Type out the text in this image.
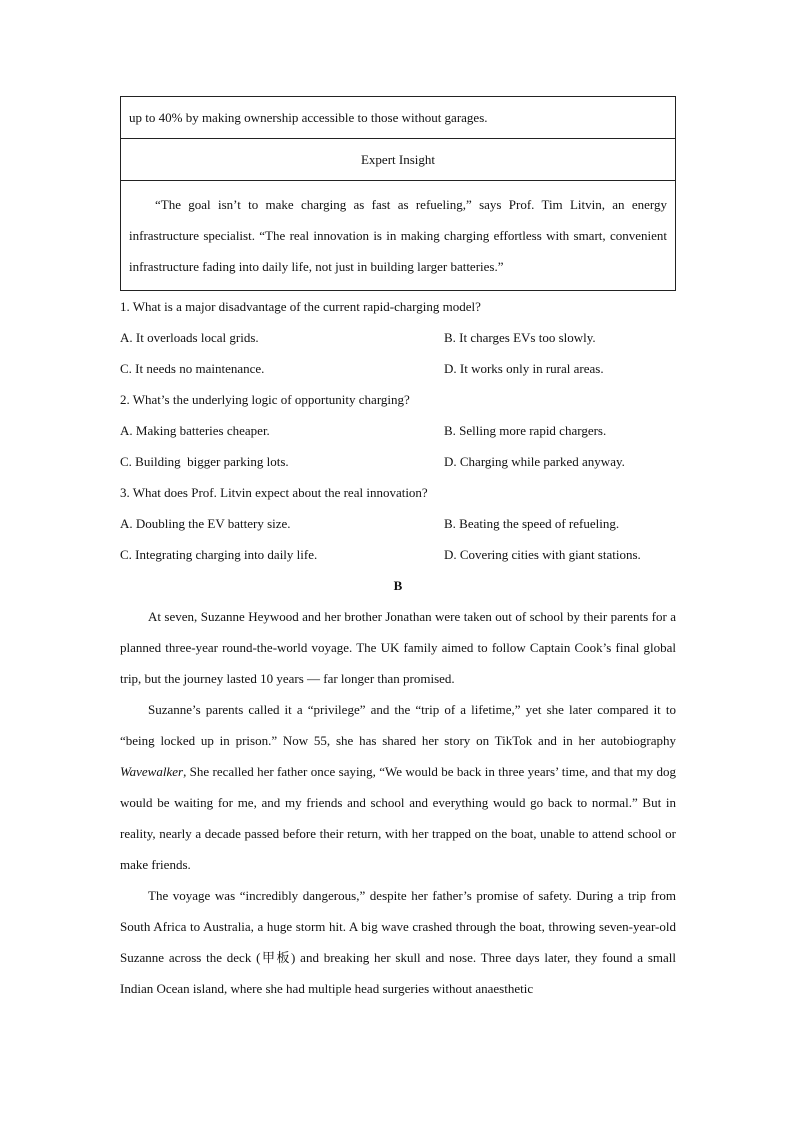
up to 40% by making ownership accessible to those without garages.
Expert Insight
“The goal isn’t to make charging as fast as refueling,” says Prof. Tim Litvin, an energy infrastructure specialist. “The real innovation is in making charging effortless with smart, convenient infrastructure fading into daily life, not just in building larger batteries.”
1. What is a major disadvantage of the current rapid-charging model?
A. It overloads local grids.	B. It charges EVs too slowly.
C. It needs no maintenance.	D. It works only in rural areas.
2. What’s the underlying logic of opportunity charging?
A. Making batteries cheaper.	B. Selling more rapid chargers.
C. Building  bigger parking lots.	D. Charging while parked anyway.
3. What does Prof. Litvin expect about the real innovation?
A. Doubling the EV battery size.	B. Beating the speed of refueling.
C. Integrating charging into daily life.	D. Covering cities with giant stations.
B

At seven, Suzanne Heywood and her brother Jonathan were taken out of school by their parents for a planned three-year round-the-world voyage. The UK family aimed to follow Captain Cook’s final global trip, but the journey lasted 10 years — far longer than promised.

Suzanne’s parents called it a “privilege” and the “trip of a lifetime,” yet she later compared it to “being locked up in prison.” Now 55, she has shared her story on TikTok and in her autobiography Wavewalker, She recalled her father once saying, “We would be back in three years’ time, and that my dog would be waiting for me, and my friends and school and everything would go back to normal.” But in reality, nearly a decade passed before their return, with her trapped on the boat, unable to attend school or make friends.

The voyage was “incredibly dangerous,” despite her father’s promise of safety. During a trip from South Africa to Australia, a huge storm hit. A big wave crashed through the boat, throwing seven-year-old Suzanne across the deck (甲板) and breaking her skull and nose. Three days later, they found a small Indian Ocean island, where she had multiple head surgeries without anaesthetic
